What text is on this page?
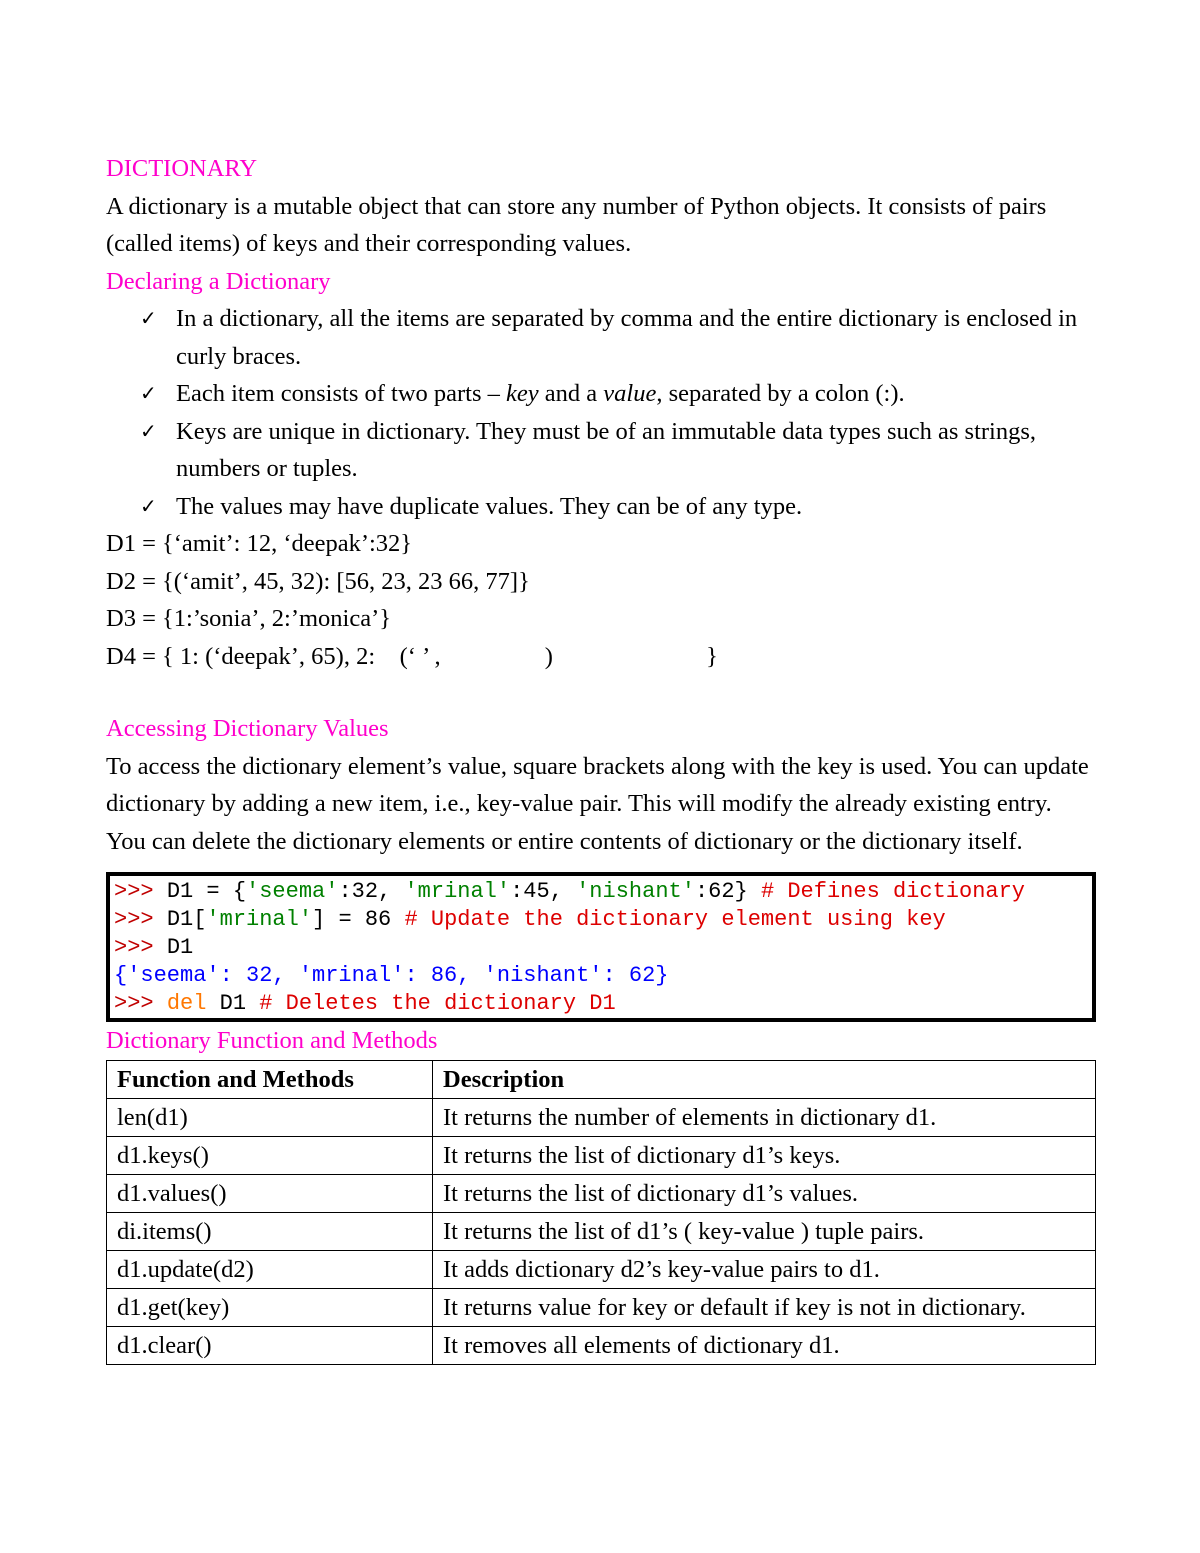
DICTIONARY
A dictionary is a mutable object that can store any number of Python objects. It consists of pairs (called items) of keys and their corresponding values.
Declaring a Dictionary
✓ In a dictionary, all the items are separated by comma and the entire dictionary is enclosed in curly braces.
✓ Each item consists of two parts – key and a value, separated by a colon (:).
✓ Keys are unique in dictionary. They must be of an immutable data types such as strings, numbers or tuples.
✓ The values may have duplicate values. They can be of any type.
D1 = {‘amit’: 12, ‘deepak’:32}
D2 = {(‘amit’, 45, 32): [56, 23, 23 66, 77]}
D3 = {1:’sonia’, 2:’monica’}
D4 = { 1: (‘deepak’, 65), 2:    (‘ ’ ,                 )                         }
Accessing Dictionary Values
To access the dictionary element’s value, square brackets along with the key is used. You can update dictionary by adding a new item, i.e., key-value pair. This will modify the already existing entry. You can delete the dictionary elements or entire contents of dictionary or the dictionary itself.
>>> D1 = {'seema':32, 'mrinal':45, 'nishant':62} # Defines dictionary
>>> D1['mrinal'] = 86 # Update the dictionary element using key
>>> D1
{'seema': 32, 'mrinal': 86, 'nishant': 62}
>>> del D1 # Deletes the dictionary D1
Dictionary Function and Methods
Function and Methods	Description
len(d1)	It returns the number of elements in dictionary d1.
d1.keys()	It returns the list of dictionary d1’s keys.
d1.values()	It returns the list of dictionary d1’s values.
di.items()	It returns the list of d1’s ( key-value ) tuple pairs.
d1.update(d2)	It adds dictionary d2’s key-value pairs to d1.
d1.get(key)	It returns value for key or default if key is not in dictionary.
d1.clear()	It removes all elements of dictionary d1.
